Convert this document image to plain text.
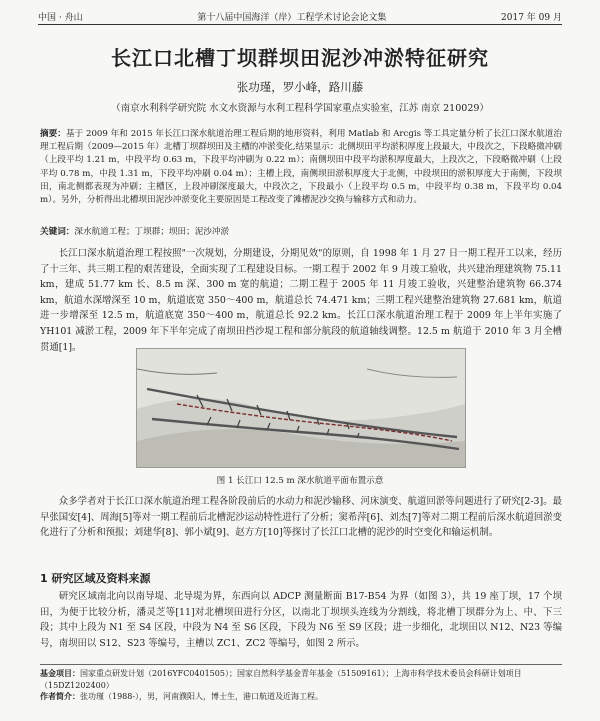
中国 · 舟山	第十八届中国海洋（岸）工程学术讨论会论文集	2017 年 09 月
长江口北槽丁坝群坝田泥沙冲淤特征研究
张功瑾，罗小峰，路川藤
（南京水利科学研究院 水文水资源与水利工程科学国家重点实验室，江苏 南京 210029）
摘要：基于 2009 年和 2015 年长江口深水航道治理工程后期的地形资料，利用 Matlab 和 Arcgis 等工具定量分析了长江口深水航道治理工程后期（2009—2015 年）北槽丁坝群坝田及主槽的冲淤变化,结果显示：北侧坝田平均淤积厚度上段最大，中段次之，下段略微冲刷（上段平均 1.21 m，中段平均 0.63 m，下段平均冲刷为 0.22 m）；南侧坝田中段平均淤积厚度最大，上段次之，下段略微冲刷（上段平均 0.78 m，中段 1.31 m，下段平均冲刷 0.04 m）；主槽上段，南侧坝田淤积厚度大于北侧，中段坝田的淤积厚度大于南侧，下段坝田，南北侧都表现为冲刷；主槽区，上段冲刷深度最大，中段次之，下段最小（上段平均 0.5 m，中段平均 0.38 m，下段平均 0.04 m）。另外，分析得出北槽坝田泥沙冲淤变化主要原因是工程改变了滩槽泥沙交换与输移方式和动力。
关键词：深水航道工程；丁坝群；坝田；泥沙冲淤

长江口深水航道治理工程按照"一次规划，分期建设，分期见效"的原则，自 1998 年 1 月 27 日一期工程开工以来，经历了十三年、共三期工程的艰苦建设，全面实现了工程建设目标。一期工程于 2002 年 9 月竣工验收，共兴建治理建筑物 75.11 km，建成 51.77 km 长、8.5 m 深、300 m 宽的航道；二期工程于 2005 年 11 月竣工验收，兴建整治建筑物 66.374 km，航道水深增深至 10 m，航道底宽 350～400 m，航道总长 74.471 km；三期工程兴建整治建筑物 27.681 km，航道进一步增深至 12.5 m，航道底宽 350～400 m，航道总长 92.2 km。长江口深水航道治理工程于 2009 年上半年实施了 YH101 减淤工程，2009 年下半年完成了南坝田挡沙堤工程和部分航段的航道轴线调整。12.5 m 航道于 2010 年 3 月全槽贯通[1]。

图 1 长江口 12.5 m 深水航道平面布置示意

众多学者对于长江口深水航道治理工程各阶段前后的水动力和泥沙输移、河床演变、航道回淤等问题进行了研究[2-3]。最早张国安[4]、周海[5]等对一期工程前后北槽泥沙运动特性进行了分析；窦希萍[6]、刘杰[7]等对二期工程前后深水航道回淤变化进行了分析和预报；刘建华[8]、郭小斌[9]、赵方方[10]等探讨了长江口北槽的泥沙的时空变化和输运机制。

1 研究区域及资料来源

研究区域南北向以南导堤、北导堤为界，东西向以 ADCP 测量断面 B17-B54 为界（如图 3），共 19 座丁坝，17 个坝田，为便于比较分析，潘灵芝等[11]对北槽坝田进行分区，以南北丁坝坝头连线为分割线，将北槽丁坝群分为上、中、下三段；其中上段为 N1 至 S4 区段，中段为 N4 至 S6 区段，下段为 N6 至 S9 区段；进一步细化，北坝田以 N12、N23 等编号，南坝田以 S12、S23 等编号，主槽以 ZC1、ZC2 等编号，如图 2 所示。

基金项目：国家重点研发计划（2016YFC0401505）；国家自然科学基金青年基金（51509161）；上海市科学技术委员会科研计划项目（15DZ1202400）
作者简介：张功瑾（1988-），男，河南濮阳人，博士生，港口航道及近海工程。
